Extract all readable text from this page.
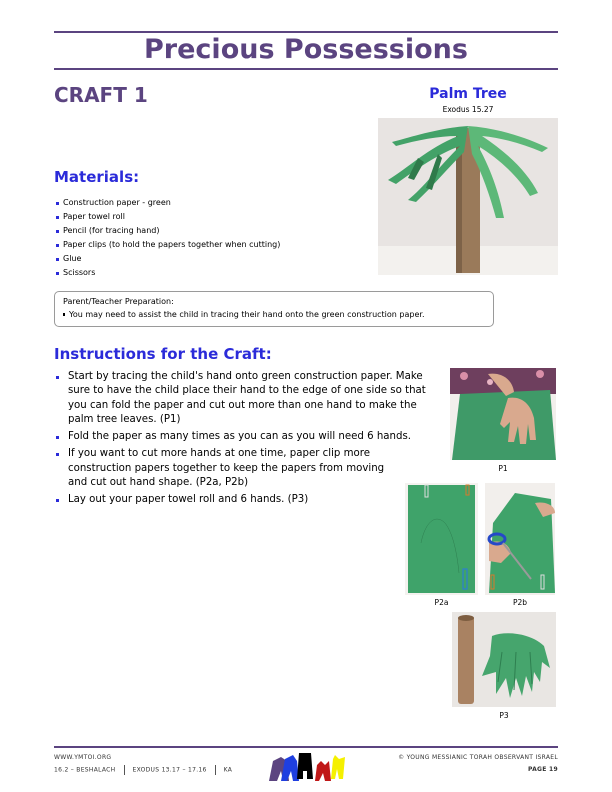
Precious Possessions
CRAFT 1	Palm Tree
Exodus 15.27
Materials:
Construction paper - green
Paper towel roll
Pencil (for tracing hand)
Paper clips (to hold the papers together when cutting)
Glue
Scissors
Parent/Teacher Preparation:
You may need to assist the child in tracing their hand onto the green construction paper.
Instructions for the Craft:
Start by tracing the child's hand onto green construction paper. Make sure to have the child place their hand to the edge of one side so that you can fold the paper and cut out more than one hand to make the palm tree leaves. (P1)
Fold the paper as many times as you can as you will need 6 hands.
If you want to cut more hands at one time, paper clip more construction papers together to keep the papers from moving and cut out hand shape. (P2a, P2b)
Lay out your paper towel roll and 6 hands. (P3)
P1
P2a	P2b
P3
WWW.YMTOI.ORG
16.2 – BESHALACH	EXODUS 13.17 – 17.16	KA
© YOUNG MESSIANIC TORAH OBSERVANT ISRAEL
PAGE 19
